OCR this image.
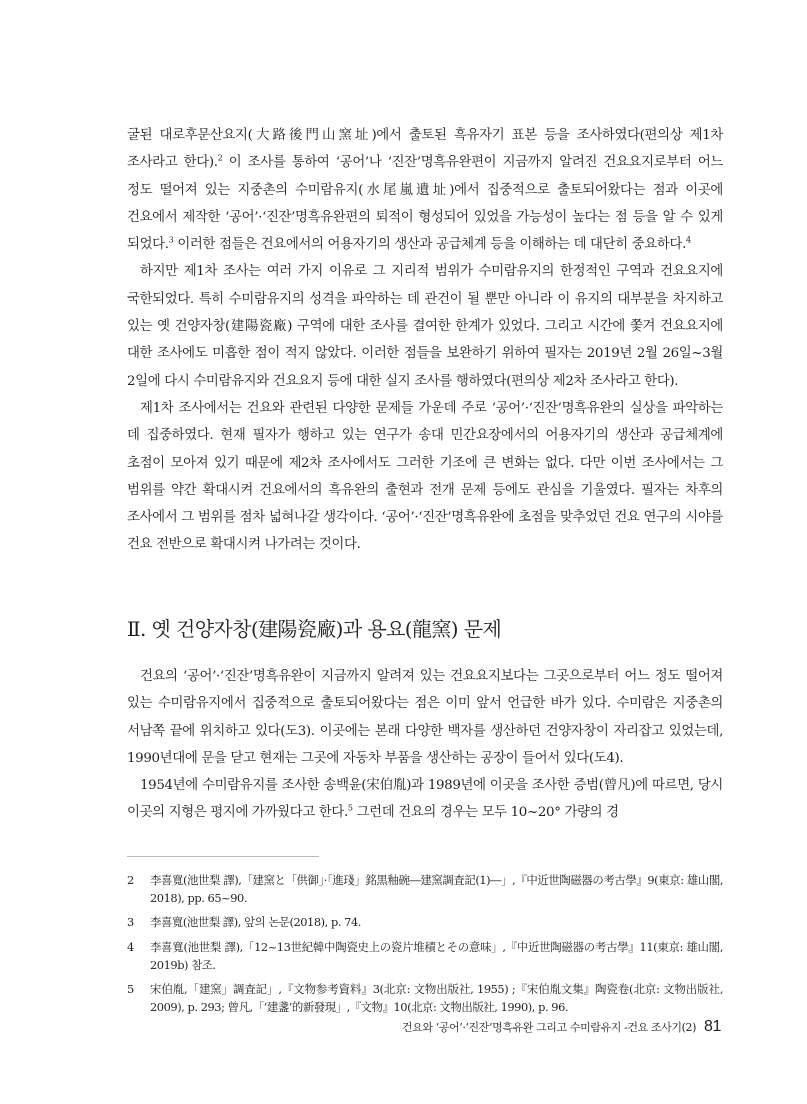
굴된 대로후문산요지(大路後門山窯址)에서 출토된 흑유자기 표본 등을 조사하였다(편의상 제1차 조사라고 한다).$^2$ 이 조사를 통하여 ‘공어’나 ‘진잔’명흑유완편이 지금까지 알려진 건요요지로부터 어느 정도 떨어져 있는 지중촌의 수미람유지(水尾嵐遺址)에서 집중적으로 출토되어왔다는 점과 이곳에 건요에서 제작한 ‘공어’·‘진잔’명흑유완편의 퇴적이 형성되어 있었을 가능성이 높다는 점 등을 알 수 있게 되었다.$^3$ 이러한 점들은 건요에서의 어용자기의 생산과 공급체계 등을 이해하는 데 대단히 중요하다.$^4$

하지만 제1차 조사는 여러 가지 이유로 그 지리적 범위가 수미람유지의 한정적인 구역과 건요요지에 국한되었다. 특히 수미람유지의 성격을 파악하는 데 관건이 될 뿐만 아니라 이 유지의 대부분을 차지하고 있는 옛 건양자창(建陽瓷廠) 구역에 대한 조사를 결여한 한계가 있었다. 그리고 시간에 쫓겨 건요요지에 대한 조사에도 미흡한 점이 적지 않았다. 이러한 점들을 보완하기 위하여 필자는 2019년 2월 26일~3월 2일에 다시 수미람유지와 건요요지 등에 대한 실지 조사를 행하였다(편의상 제2차 조사라고 한다).

제1차 조사에서는 건요와 관련된 다양한 문제들 가운데 주로 ‘공어’·‘진잔’명흑유완의 실상을 파악하는 데 집중하였다. 현재 필자가 행하고 있는 연구가 송대 민간요장에서의 어용자기의 생산과 공급체계에 초점이 모아져 있기 때문에 제2차 조사에서도 그러한 기조에 큰 변화는 없다. 다만 이번 조사에서는 그 범위를 약간 확대시켜 건요에서의 흑유완의 출현과 전개 문제 등에도 관심을 기울였다. 필자는 차후의 조사에서 그 범위를 점차 넓혀나갈 생각이다. ‘공어’·‘진잔’명흑유완에 초점을 맞추었던 건요 연구의 시야를 건요 전반으로 확대시켜 나가려는 것이다.

Ⅱ. 옛 건양자창(建陽瓷廠)과 용요(龍窯) 문제

건요의 ‘공어’·‘진잔’명흑유완이 지금까지 알려져 있는 건요요지보다는 그곳으로부터 어느 정도 떨어져 있는 수미람유지에서 집중적으로 출토되어왔다는 점은 이미 앞서 언급한 바가 있다. 수미람은 지중촌의 서남쪽 끝에 위치하고 있다(도3). 이곳에는 본래 다양한 백자를 생산하던 건양자창이 자리잡고 있었는데, 1990년대에 문을 닫고 현재는 그곳에 자동차 부품을 생산하는 공장이 들어서 있다(도4).

1954년에 수미람유지를 조사한 송백윤(宋伯胤)과 1989년에 이곳을 조사한 증범(曾凡)에 따르면, 당시 이곳의 지형은 평지에 가까웠다고 한다.$^5$ 그런데 건요의 경우는 모두 10~20° 가량의 경

2	李喜寬(池世梨 譯),「建窯と「供御」·「進琖」銘黒釉碗―建窯調査記(1)―」,『中近世陶磁器の考古學』9(東京: 雄山閣, 2018), pp. 65~90.
3	李喜寬(池世梨 譯), 앞의 논문(2018), p. 74.
4	李喜寬(池世梨 譯),「12~13世紀韓中陶瓷史上の瓷片堆積とその意味」,『中近世陶磁器の考古學』11(東京: 雄山閣, 2019b) 참조.
5	宋伯胤,「建窯」調査記」,『文物参考資料』3(北京: 文物出版社, 1955) ;『宋伯胤文集』陶瓷卷(北京: 文物出版社, 2009), p. 293; 曾凡,「‘建盞’的新發現」,『文物』10(北京: 文物出版社, 1990), p. 96.
건요와 ‘공어’·‘진잔’명흑유완 그리고 수미람유지 -건요 조사기(2) 81
